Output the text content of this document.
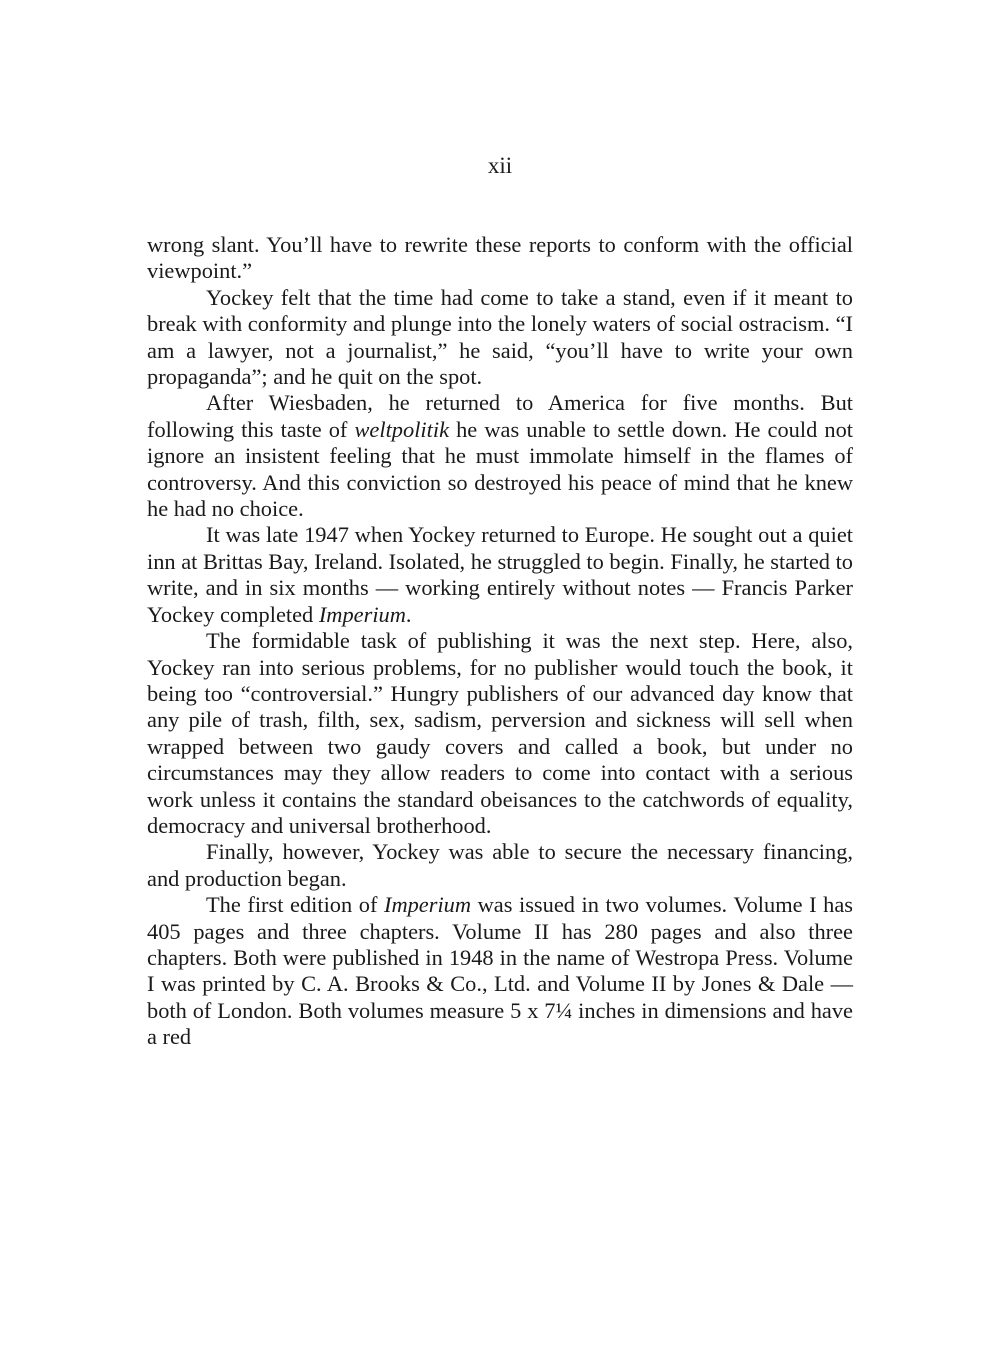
xii

wrong slant. You’ll have to rewrite these reports to conform with the official viewpoint.”

Yockey felt that the time had come to take a stand, even if it meant to break with conformity and plunge into the lonely waters of social ostracism. “I am a lawyer, not a journalist,” he said, “you’ll have to write your own propaganda”; and he quit on the spot.

After Wiesbaden, he returned to America for five months. But following this taste of weltpolitik he was unable to settle down. He could not ignore an insistent feeling that he must immolate himself in the flames of controversy. And this conviction so destroyed his peace of mind that he knew he had no choice.

It was late 1947 when Yockey returned to Europe. He sought out a quiet inn at Brittas Bay, Ireland. Isolated, he struggled to begin. Finally, he started to write, and in six months — working entirely without notes — Francis Parker Yockey completed Imperium.

The formidable task of publishing it was the next step. Here, also, Yockey ran into serious problems, for no publisher would touch the book, it being too “controversial.” Hungry publishers of our advanced day know that any pile of trash, filth, sex, sadism, perversion and sickness will sell when wrapped between two gaudy covers and called a book, but under no circumstances may they allow readers to come into contact with a serious work unless it contains the standard obeisances to the catchwords of equality, democracy and universal brotherhood.

Finally, however, Yockey was able to secure the necessary financing, and production began.

The first edition of Imperium was issued in two volumes. Volume I has 405 pages and three chapters. Volume II has 280 pages and also three chapters. Both were published in 1948 in the name of Westropa Press. Volume I was printed by C. A. Brooks & Co., Ltd. and Volume II by Jones & Dale — both of London. Both volumes measure 5 x 7¼ inches in dimensions and have a red
